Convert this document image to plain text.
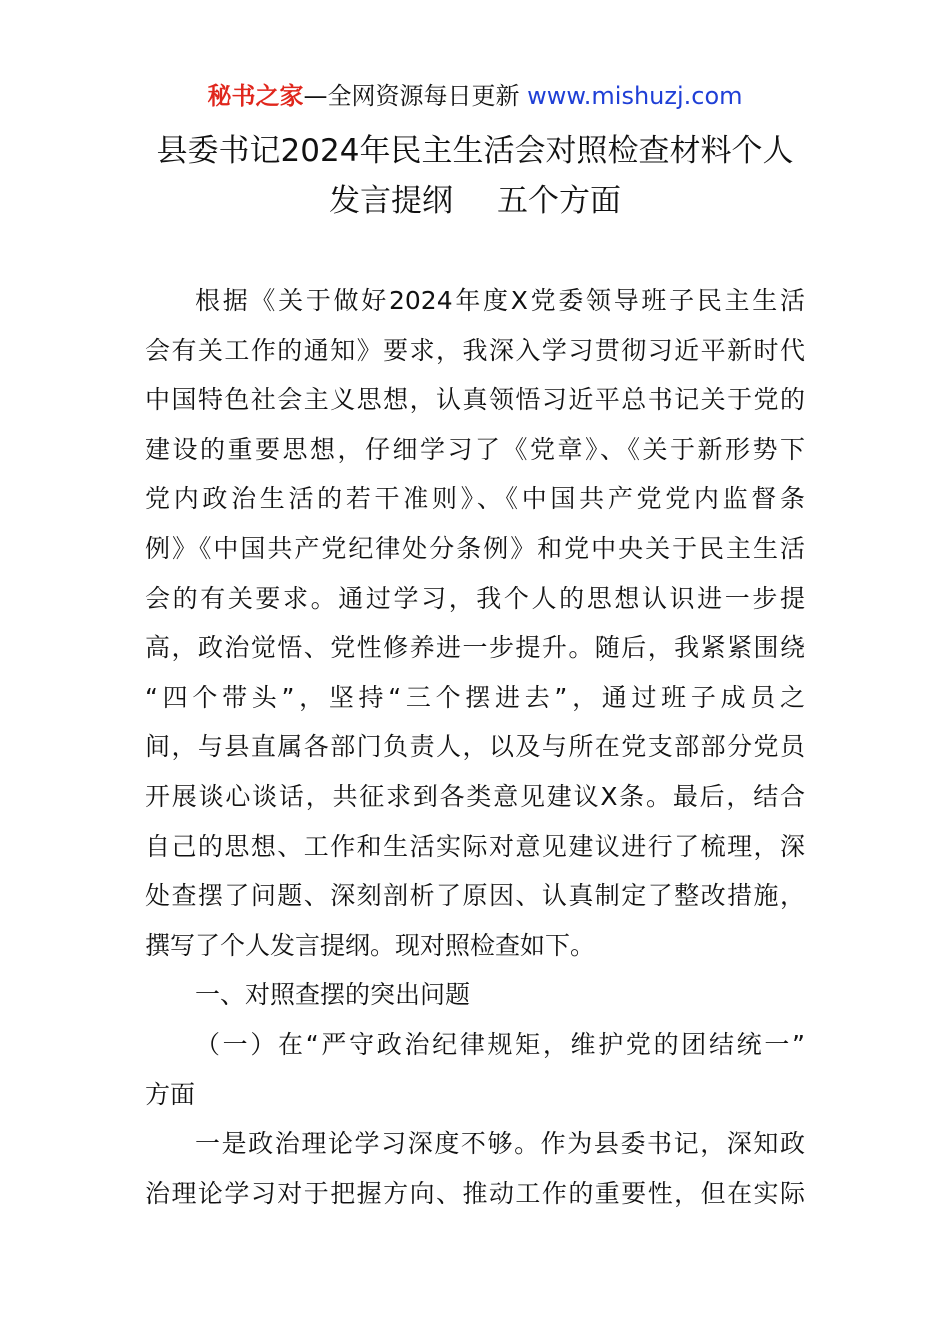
秘书之家—全网资源每日更新 www.mishuzj.com
县委书记2024年民主生活会对照检查材料个人
发言提纲 五个方面
根据《关于做好2024年度X党委领导班子民主生活
会有关工作的通知》要求，我深入学习贯彻习近平新时代
中国特色社会主义思想，认真领悟习近平总书记关于党的
建设的重要思想，仔细学习了《党章》、《关于新形势下
党内政治生活的若干准则》、《中国共产党党内监督条
例》《中国共产党纪律处分条例》和党中央关于民主生活
会的有关要求。通过学习，我个人的思想认识进一步提
高，政治觉悟、党性修养进一步提升。随后，我紧紧围绕
“四个带头”，坚持“三个摆进去”，通过班子成员之
间，与县直属各部门负责人，以及与所在党支部部分党员
开展谈心谈话，共征求到各类意见建议X条。最后，结合
自己的思想、工作和生活实际对意见建议进行了梳理，深
处查摆了问题、深刻剖析了原因、认真制定了整改措施，
撰写了个人发言提纲。现对照检查如下。
一、对照查摆的突出问题
（一）在“严守政治纪律规矩，维护党的团结统一”
方面
一是政治理论学习深度不够。作为县委书记，深知政
治理论学习对于把握方向、推动工作的重要性，但在实际
